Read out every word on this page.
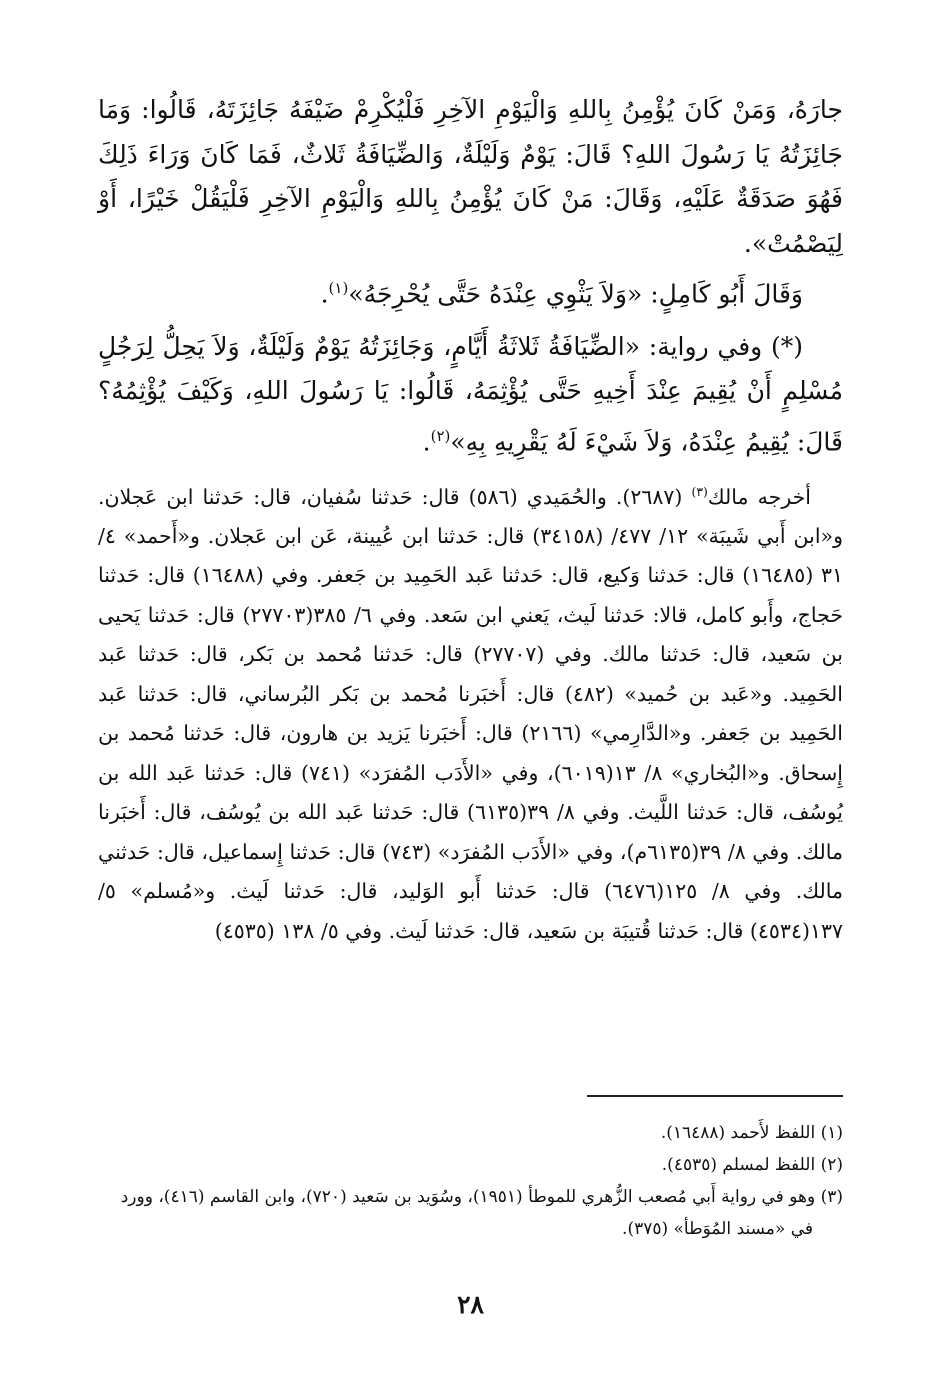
جارَهُ، وَمَنْ كَانَ يُؤْمِنُ بِاللهِ وَالْيَوْمِ الآخِرِ فَلْيُكْرِمْ ضَيْفَهُ جَائِزَتَهُ، قَالُوا: وَمَا جَائِزَتُهُ يَا رَسُولَ اللهِ؟ قَالَ: يَوْمٌ وَلَيْلَةٌ، وَالضِّيَافَةُ ثَلاثٌ، فَمَا كَانَ وَرَاءَ ذَلِكَ فَهُوَ صَدَقَةٌ عَلَيْهِ، وَقَالَ: مَنْ كَانَ يُؤْمِنُ بِاللهِ وَالْيَوْمِ الآخِرِ فَلْيَقُلْ خَيْرًا، أَوْ لِيَصْمُتْ».

وَقَالَ أَبُو كَامِلٍ: «وَلاَ يَثْوِي عِنْدَهُ حَتَّى يُحْرِجَهُ»$^{(١)}$.

(*) وفي رواية: «الضِّيَافَةُ ثَلاثَةُ أَيَّامٍ، وَجَائِزَتُهُ يَوْمٌ وَلَيْلَةٌ، وَلاَ يَحِلُّ لِرَجُلٍ مُسْلِمٍ أَنْ يُقِيمَ عِنْدَ أَخِيهِ حَتَّى يُؤْثِمَهُ، قَالُوا: يَا رَسُولَ اللهِ، وَكَيْفَ يُؤْثِمُهُ؟ قَالَ: يُقِيمُ عِنْدَهُ، وَلاَ شَيْءَ لَهُ يَقْرِيهِ بِهِ»$^{(٢)}$.

أخرجه مالك$^{(٣)}$ (٢٦٨٧). والحُمَيدي (٥٨٦) قال: حَدثنا سُفيان، قال: حَدثنا ابن عَجلان. و«ابن أَبي شَيبَة» ١٢/ ٤٧٧/ (٣٤١٥٨) قال: حَدثنا ابن عُيينة، عَن ابن عَجلان. و«أَحمد» ٤/ ٣١ (١٦٤٨٥) قال: حَدثنا وَكيع، قال: حَدثنا عَبد الحَمِيد بن جَعفر. وفي (١٦٤٨٨) قال: حَدثنا حَجاج، وأَبو كامل، قالا: حَدثنا لَيث، يَعني ابن سَعد. وفي ٦/ ٣٨٥(٢٧٧٠٣) قال: حَدثنا يَحيى بن سَعيد، قال: حَدثنا مالك. وفي (٢٧٧٠٧) قال: حَدثنا مُحمد بن بَكر، قال: حَدثنا عَبد الحَمِيد. و«عَبد بن حُميد» (٤٨٢) قال: أَخبَرنا مُحمد بن بَكر البُرساني، قال: حَدثنا عَبد الحَمِيد بن جَعفر. و«الدَّارِمي» (٢١٦٦) قال: أَخبَرنا يَزيد بن هارون، قال: حَدثنا مُحمد بن إِسحاق. و«البُخاري» ٨/ ١٣(٦٠١٩)، وفي «الأَدَب المُفرَد» (٧٤١) قال: حَدثنا عَبد الله بن يُوسُف، قال: حَدثنا اللَّيث. وفي ٨/ ٣٩(٦١٣٥) قال: حَدثنا عَبد الله بن يُوسُف، قال: أَخبَرنا مالك. وفي ٨/ ٣٩(٦١٣٥م)، وفي «الأَدَب المُفرَد» (٧٤٣) قال: حَدثنا إِسماعيل، قال: حَدثني مالك. وفي ٨/ ١٢٥(٦٤٧٦) قال: حَدثنا أَبو الوَليد، قال: حَدثنا لَيث. و«مُسلم» ٥/ ١٣٧(٤٥٣٤) قال: حَدثنا قُتيبَة بن سَعيد، قال: حَدثنا لَيث. وفي ٥/ ١٣٨ (٤٥٣٥)

(١) اللفظ لأَحمد (١٦٤٨٨).

(٢) اللفظ لمسلم (٤٥٣٥).

(٣) وهو في رواية أَبي مُصعب الزُّهري للموطأ (١٩٥١)، وسُوَيد بن سَعيد (٧٢٠)، وابن القاسم (٤١٦)، وورد في «مسند المُوَطأ» (٣٧٥).

٢٨
